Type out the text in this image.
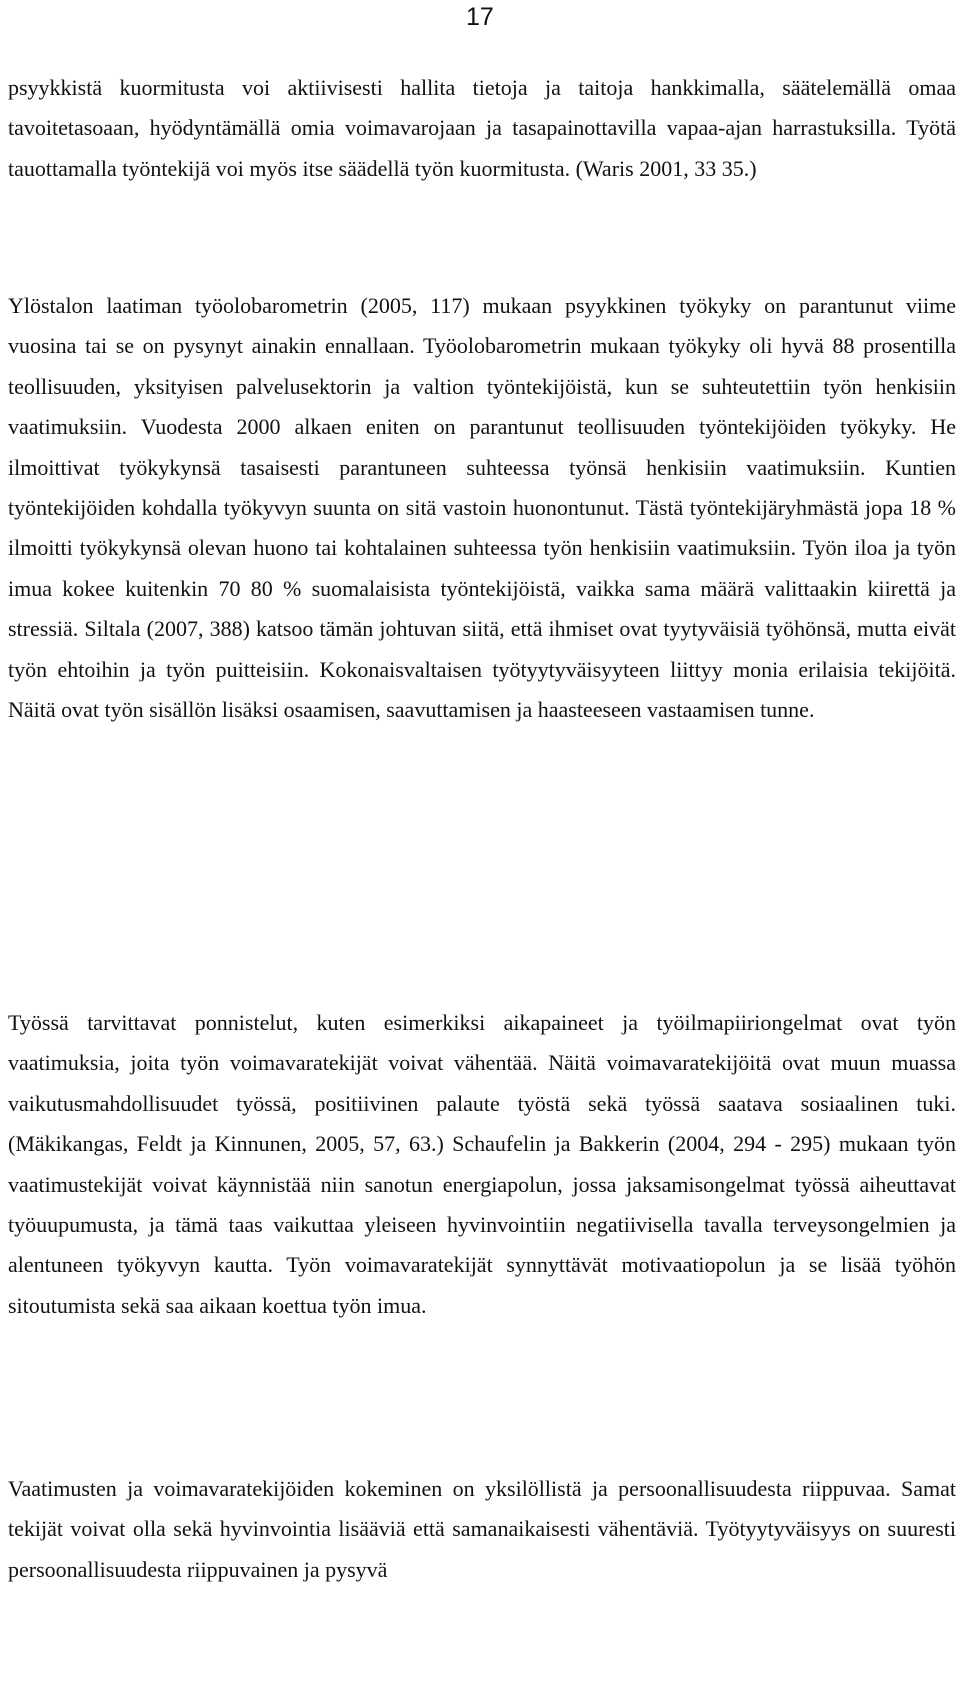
17

psyykkistä kuormitusta voi aktiivisesti hallita tietoja ja taitoja hankkimalla, säätelemällä omaa tavoitetasoaan, hyödyntämällä omia voimavarojaan ja tasapainottavilla vapaa-ajan harrastuksilla. Työtä tauottamalla työntekijä voi myös itse säädellä työn kuormitusta. (Waris 2001, 33 35.)

Ylöstalon laatiman työolobarometrin (2005, 117) mukaan psyykkinen työkyky on parantunut viime vuosina tai se on pysynyt ainakin ennallaan. Työolobarometrin mukaan työkyky oli hyvä 88 prosentilla teollisuuden, yksityisen palvelusektorin ja valtion työntekijöistä, kun se suhteutettiin työn henkisiin vaatimuksiin. Vuodesta 2000 alkaen eniten on parantunut teollisuuden työntekijöiden työkyky. He ilmoittivat työkykynsä tasaisesti parantuneen suhteessa työnsä henkisiin vaatimuksiin. Kuntien työntekijöiden kohdalla työkyvyn suunta on sitä vastoin huonontunut. Tästä työntekijäryhmästä jopa 18 % ilmoitti työkykynsä olevan huono tai kohtalainen suhteessa työn henkisiin vaatimuksiin. Työn iloa ja työn imua kokee kuitenkin 70 80 % suomalaisista työntekijöistä, vaikka sama määrä valittaakin kiirettä ja stressiä. Siltala (2007, 388) katsoo tämän johtuvan siitä, että ihmiset ovat tyytyväisiä työhönsä, mutta eivät työn ehtoihin ja työn puitteisiin. Kokonaisvaltaisen työtyytyväisyyteen liittyy monia erilaisia tekijöitä. Näitä ovat työn sisällön lisäksi osaamisen, saavuttamisen ja haasteeseen vastaamisen tunne.

Työssä tarvittavat ponnistelut, kuten esimerkiksi aikapaineet ja työilmapiiriongelmat ovat työn vaatimuksia, joita työn voimavaratekijät voivat vähentää. Näitä voimavaratekijöitä ovat muun muassa vaikutusmahdollisuudet työssä, positiivinen palaute työstä sekä työssä saatava sosiaalinen tuki. (Mäkikangas, Feldt ja Kinnunen, 2005, 57, 63.) Schaufelin ja Bakkerin (2004, 294 - 295) mukaan työn vaatimustekijät voivat käynnistää niin sanotun energiapolun, jossa jaksamisongelmat työssä aiheuttavat työuupumusta, ja tämä taas vaikuttaa yleiseen hyvinvointiin negatiivisella tavalla terveysongelmien ja alentuneen työkyvyn kautta. Työn voimavaratekijät synnyttävät motivaatiopolun ja se lisää työhön sitoutumista sekä saa aikaan koettua työn imua.

Vaatimusten ja voimavaratekijöiden kokeminen on yksilöllistä ja persoonallisuudesta riippuvaa. Samat tekijät voivat olla sekä hyvinvointia lisääviä että samanaikaisesti vähentäviä. Työtyytyväisyys on suuresti persoonallisuudesta riippuvainen ja pysyvä
